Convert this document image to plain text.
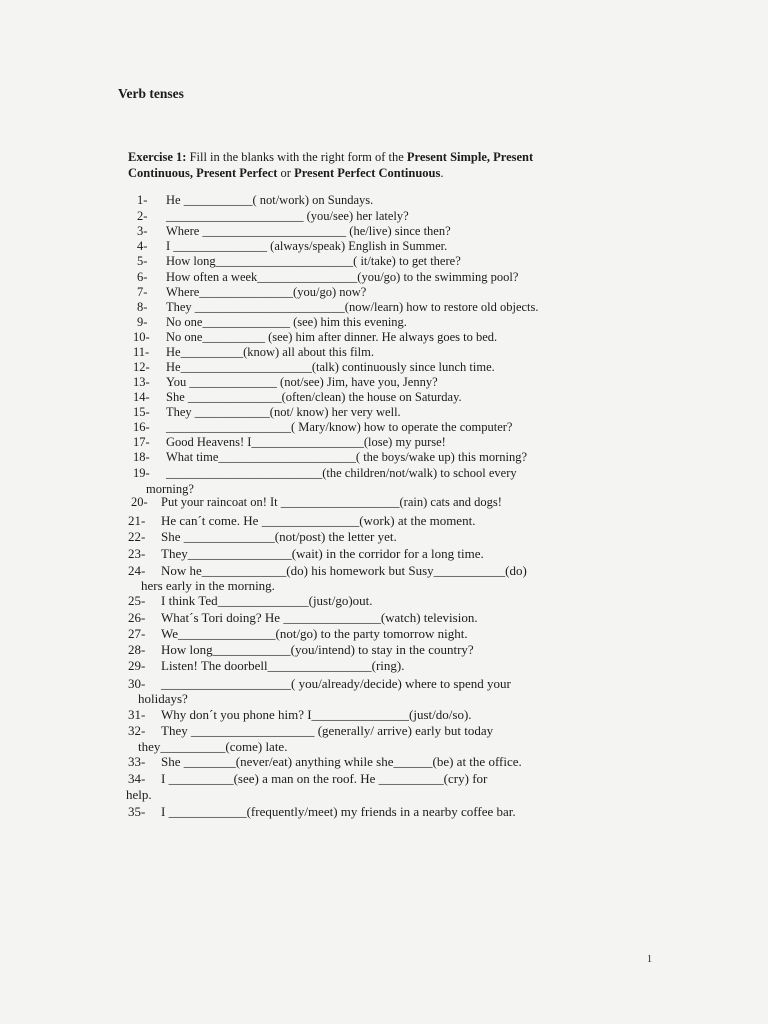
Verb tenses
Exercise 1: Fill in the blanks with the right form of the Present Simple, Present Continuous, Present Perfect or Present Perfect Continuous.
1- He ___________( not/work) on Sundays.
2- ______________________ (you/see) her lately?
3- Where _______________________ (he/live) since then?
4- I _______________ (always/speak) English in Summer.
5- How long______________________( it/take) to get there?
6- How often a week________________(you/go) to the swimming pool?
7- Where_______________(you/go) now?
8- They ________________________(now/learn) how to restore old objects.
9- No one______________ (see) him this evening.
10- No one__________ (see) him after dinner. He always goes to bed.
11- He__________(know) all about this film.
12- He_____________________(talk) continuously since lunch time.
13- You ______________ (not/see) Jim, have you, Jenny?
14- She _______________(often/clean) the house on Saturday.
15- They ____________(not/ know) her very well.
16- ____________________( Mary/know) how to operate the computer?
17- Good Heavens! I__________________(lose) my purse!
18- What time______________________( the boys/wake up) this morning?
19- _________________________(the children/not/walk) to school every
morning?
20- Put your raincoat on! It ___________________(rain) cats and dogs!
21- He can´t come. He _______________(work) at the moment.
22- She ______________(not/post) the letter yet.
23- They________________(wait) in the corridor for a long time.
24- Now he_____________(do) his homework but Susy___________(do)
hers early in the morning.
25- I think Ted______________(just/go)out.
26- What´s Tori doing? He _______________(watch) television.
27- We_______________(not/go) to the party tomorrow night.
28- How long____________(you/intend) to stay in the country?
29- Listen! The doorbell________________(ring).
30- ____________________( you/already/decide) where to spend your
holidays?
31- Why don´t you phone him? I_______________(just/do/so).
32- They ___________________ (generally/ arrive) early but today
they__________(come) late.
33- She ________(never/eat) anything while she______(be) at the office.
34- I __________(see) a man on the roof. He __________(cry) for
help.
35- I ____________(frequently/meet) my friends in a nearby coffee bar.
1
